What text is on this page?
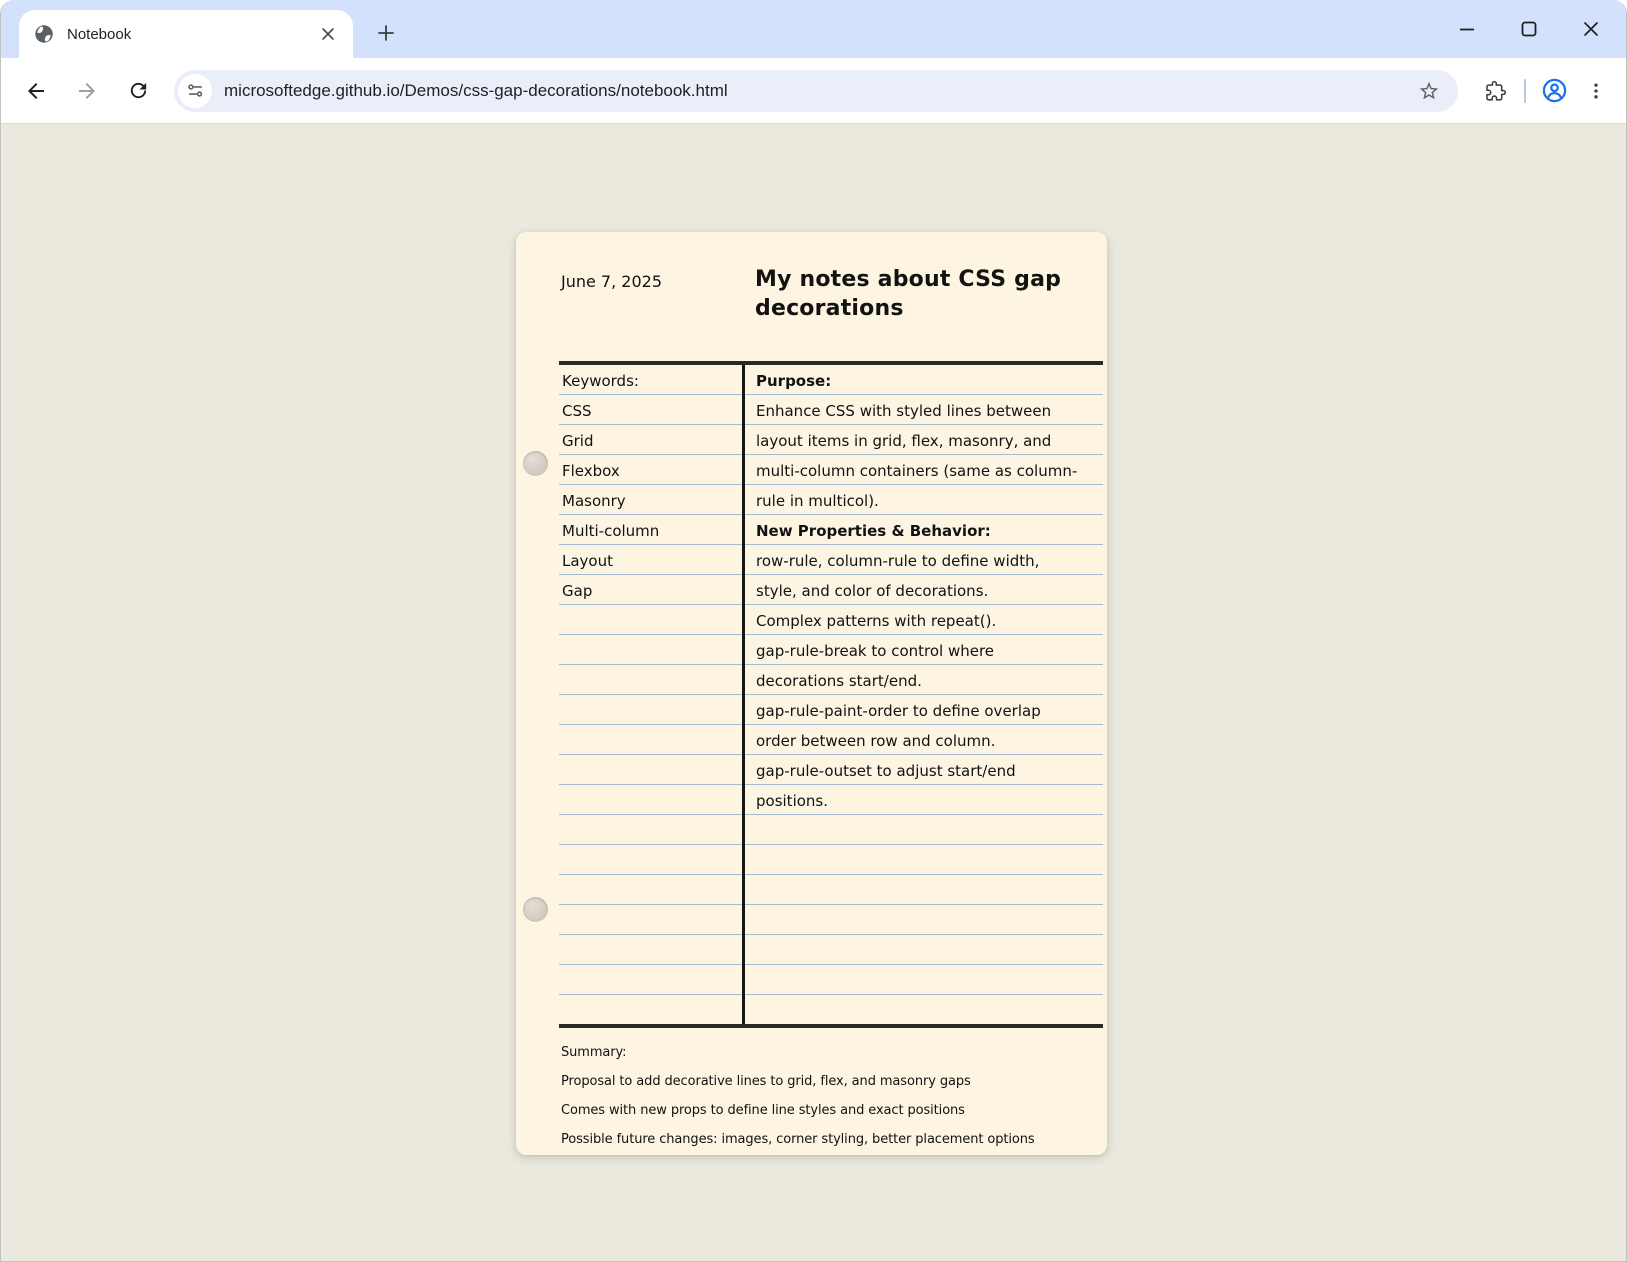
Notebook
microsoftedge.github.io/Demos/css-gap-decorations/notebook.html
June 7, 2025	My notes about CSS gap decorations
Keywords:
CSS
Grid
Flexbox
Masonry
Multi-column
Layout
Gap
Purpose:
Enhance CSS with styled lines between
layout items in grid, flex, masonry, and
multi-column containers (same as column-
rule in multicol).
New Properties & Behavior:
row-rule, column-rule to define width,
style, and color of decorations.
Complex patterns with repeat().
gap-rule-break to control where
decorations start/end.
gap-rule-paint-order to define overlap
order between row and column.
gap-rule-outset to adjust start/end
positions.
Summary:
Proposal to add decorative lines to grid, flex, and masonry gaps
Comes with new props to define line styles and exact positions
Possible future changes: images, corner styling, better placement options
